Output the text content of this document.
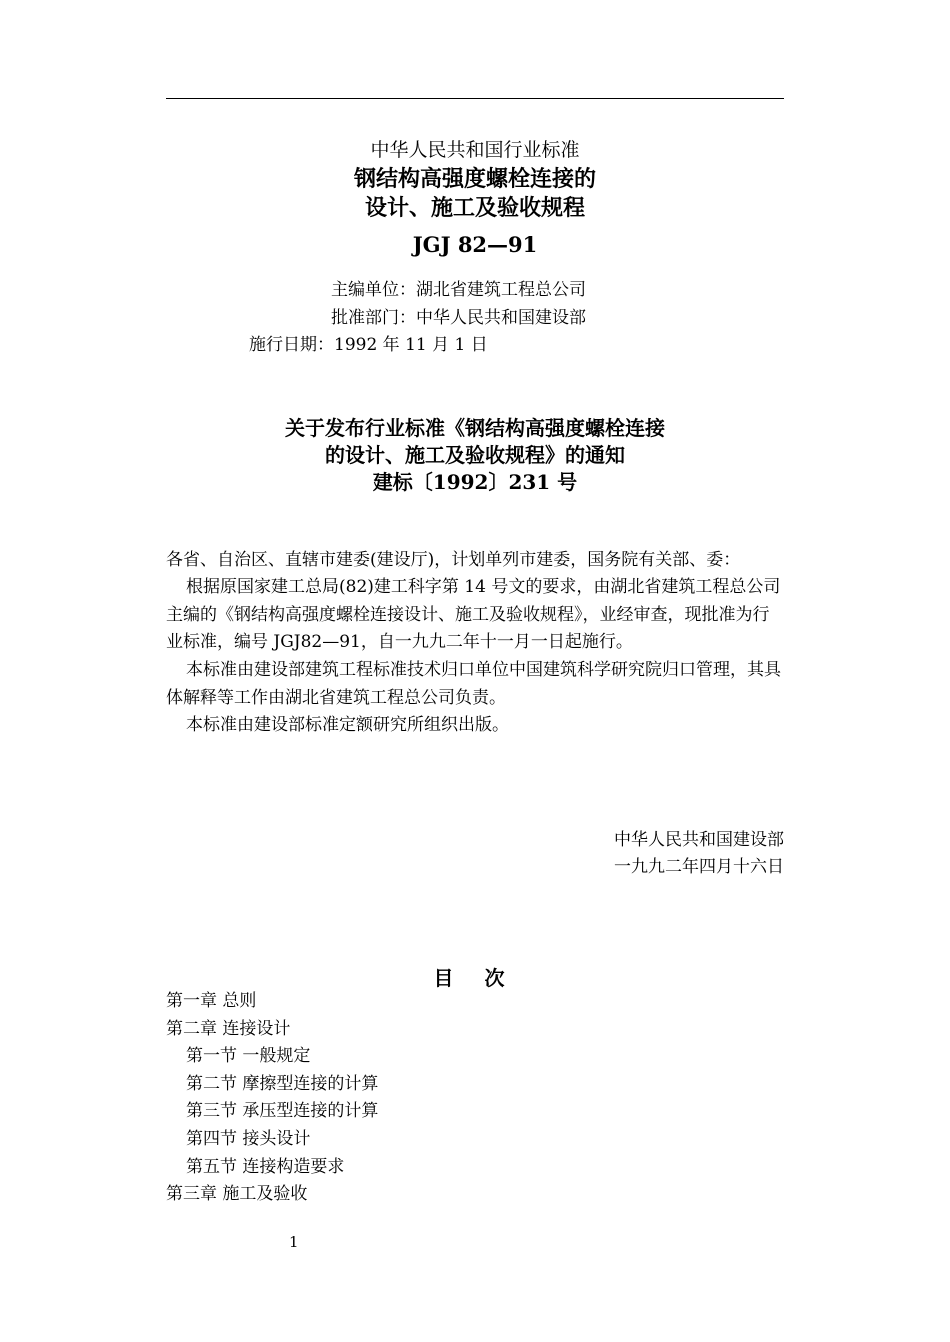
中华人民共和国行业标准
钢结构高强度螺栓连接的
设计、施工及验收规程
JGJ 82—91
主编单位：湖北省建筑工程总公司
批准部门：中华人民共和国建设部
施行日期：1992 年 11 月 1 日
关于发布行业标准《钢结构高强度螺栓连接
的设计、施工及验收规程》的通知
建标〔1992〕231 号
各省、自治区、直辖市建委(建设厅)，计划单列市建委，国务院有关部、委：
根据原国家建工总局(82)建工科字第 14 号文的要求，由湖北省建筑工程总公司主编的《钢结构高强度螺栓连接设计、施工及验收规程》，业经审查，现批准为行业标准，编号 JGJ82—91，自一九九二年十一月一日起施行。
本标准由建设部建筑工程标准技术归口单位中国建筑科学研究院归口管理，其具体解释等工作由湖北省建筑工程总公司负责。
本标准由建设部标准定额研究所组织出版。
中华人民共和国建设部
一九九二年四月十六日
目 次
第一章 总则
第二章 连接设计
第一节 一般规定
第二节 摩擦型连接的计算
第三节 承压型连接的计算
第四节 接头设计
第五节 连接构造要求
第三章 施工及验收
1
